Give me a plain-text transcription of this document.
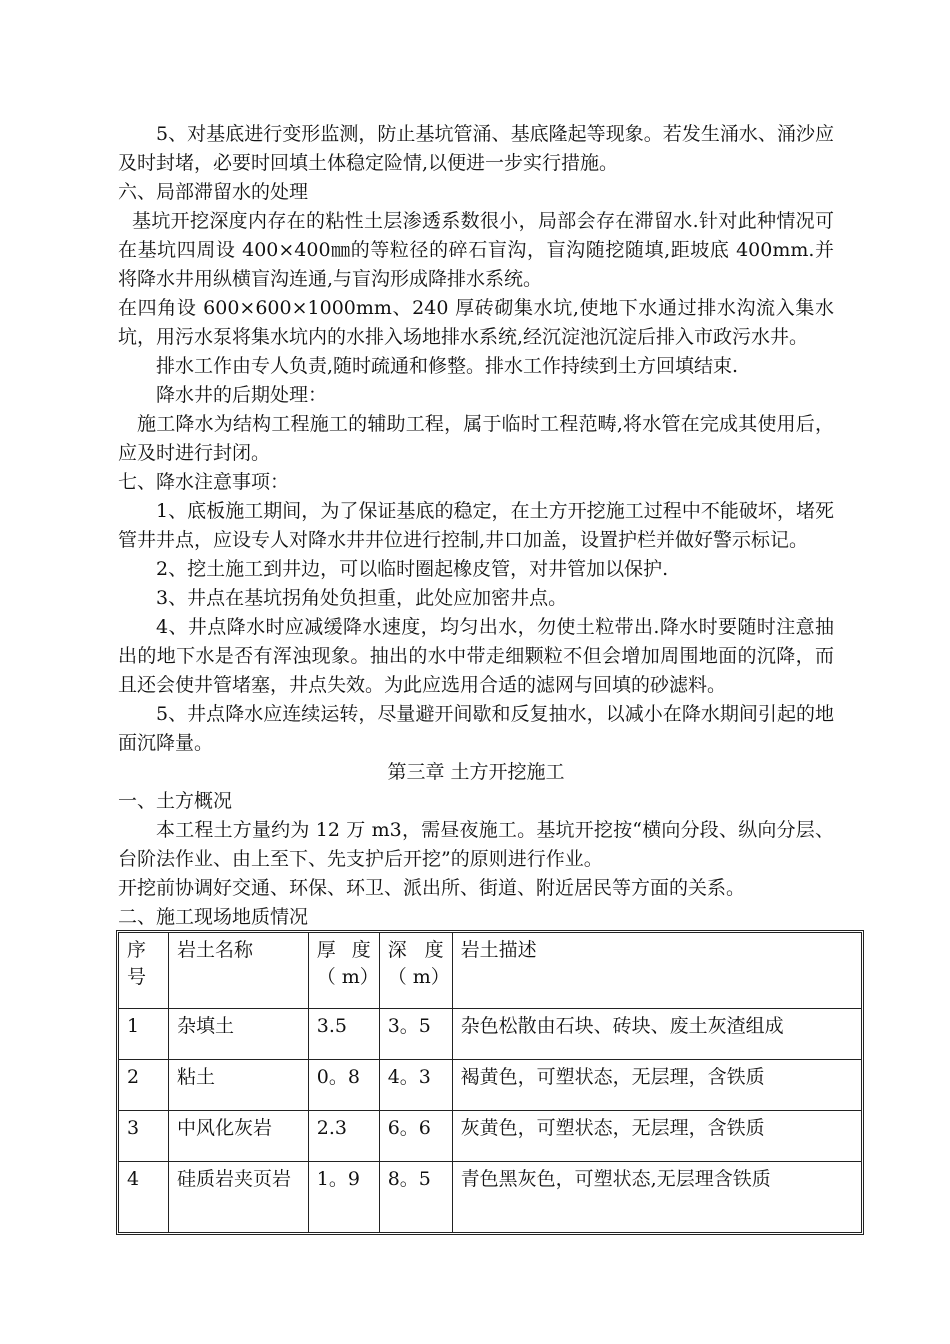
5、对基底进行变形监测，防止基坑管涌、基底隆起等现象。若发生涌水、涌沙应及时封堵，必要时回填土体稳定险情,以便进一步实行措施。

六、局部滞留水的处理

基坑开挖深度内存在的粘性土层渗透系数很小，局部会存在滞留水.针对此种情况可在基坑四周设 400×400㎜的等粒径的碎石盲沟，盲沟随挖随填,距坡底 400mm.并将降水井用纵横盲沟连通,与盲沟形成降排水系统。

在四角设 600×600×1000mm、240 厚砖砌集水坑,使地下水通过排水沟流入集水坑，用污水泵将集水坑内的水排入场地排水系统,经沉淀池沉淀后排入市政污水井。

排水工作由专人负责,随时疏通和修整。排水工作持续到土方回填结束.

降水井的后期处理：

施工降水为结构工程施工的辅助工程，属于临时工程范畴,将水管在完成其使用后，应及时进行封闭。

七、降水注意事项：

1、底板施工期间，为了保证基底的稳定，在土方开挖施工过程中不能破坏，堵死管井井点，应设专人对降水井井位进行控制,井口加盖，设置护栏并做好警示标记。

2、挖土施工到井边，可以临时圈起橡皮管，对井管加以保护.

3、井点在基坑拐角处负担重，此处应加密井点。

4、井点降水时应减缓降水速度，均匀出水，勿使土粒带出.降水时要随时注意抽出的地下水是否有浑浊现象。抽出的水中带走细颗粒不但会增加周围地面的沉降，而且还会使井管堵塞，井点失效。为此应选用合适的滤网与回填的砂滤料。

5、井点降水应连续运转，尽量避开间歇和反复抽水，以减小在降水期间引起的地面沉降量。

第三章 土方开挖施工

一、土方概况

本工程土方量约为 12 万 m3，需昼夜施工。基坑开挖按“横向分段、纵向分层、台阶法作业、由上至下、先支护后开挖”的原则进行作业。

开挖前协调好交通、环保、环卫、派出所、街道、附近居民等方面的关系。

二、施工现场地质情况

序号	岩土名称	厚 度（ m）	深 度（ m）	岩土描述
1	杂填土	3.5	3。5	杂色松散由石块、砖块、废土灰渣组成
2	粘土	0。8	4。3	褐黄色，可塑状态，无层理，含铁质
3	中风化灰岩	2.3	6。6	灰黄色，可塑状态，无层理，含铁质
4	硅质岩夹页岩	1。9	8。5	青色黑灰色，可塑状态,无层理含铁质
